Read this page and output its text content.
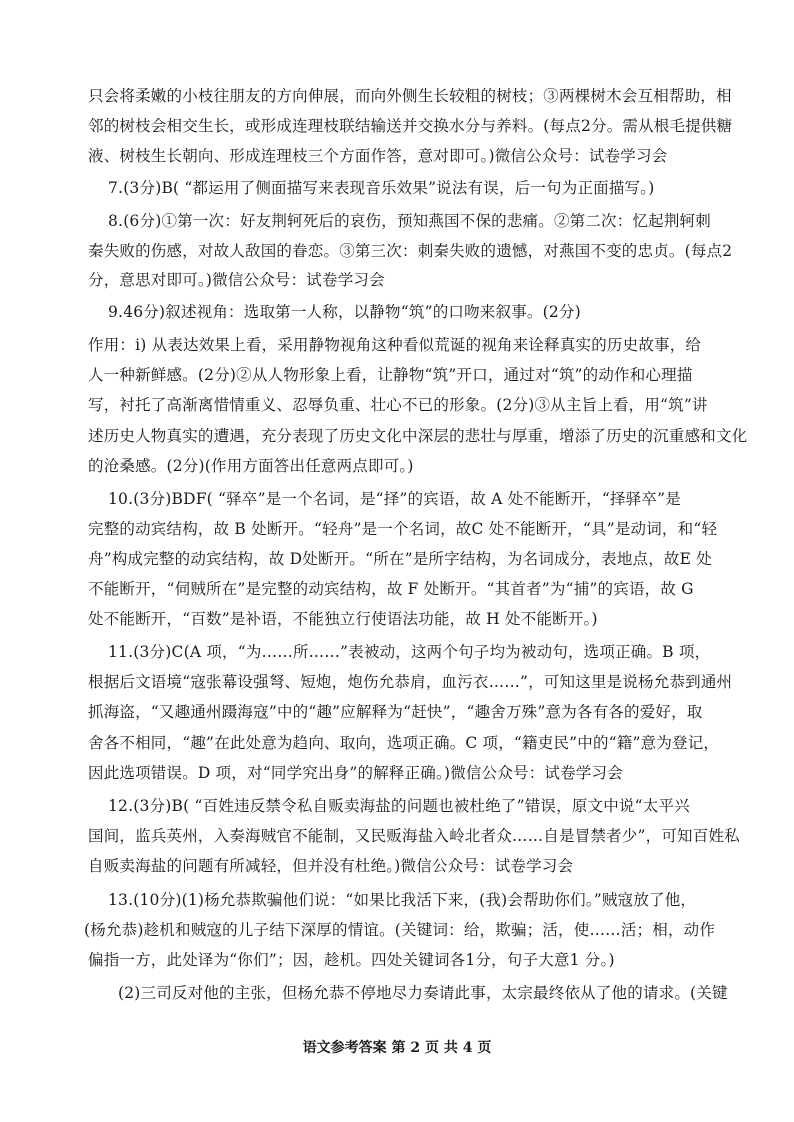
只会将柔嫩的小枝往朋友的方向伸展，而向外侧生长较粗的树枝；③两棵树木会互相帮助，相
邻的树枝会相交生长，或形成连理枝联结输送并交换水分与养料。(每点2分。需从根毛提供糖
液、树枝生长朝向、形成连理枝三个方面作答，意对即可。)微信公众号：试卷学习会
7.(3分)B( “都运用了侧面描写来表现音乐效果”说法有误，后一句为正面描写。)
8.(6分)①第一次：好友荆轲死后的哀伤，预知燕国不保的悲痛。②第二次：忆起荆轲刺
秦失败的伤感，对故人敌国的眷恋。③第三次：刺秦失败的遗憾，对燕国不变的忠贞。(每点2
分，意思对即可。)微信公众号：试卷学习会
9.46分)叙述视角：选取第一人称，以静物“筑”的口吻来叙事。(2分)
作用：i) 从表达效果上看，采用静物视角这种看似荒诞的视角来诠释真实的历史故事，给
人一种新鲜感。(2分)②从人物形象上看，让静物“筑”开口，通过对“筑”的动作和心理描
写，衬托了高渐离惜情重义、忍辱负重、壮心不已的形象。(2分)③从主旨上看，用“筑”讲
述历史人物真实的遭遇，充分表现了历史文化中深层的悲壮与厚重，增添了历史的沉重感和文化
的沧桑感。(2分)(作用方面答出任意两点即可。)
10.(3分)BDF( “驿卒”是一个名词，是“择”的宾语，故 A 处不能断开，“择驿卒”是
完整的动宾结构，故 B 处断开。“轻舟”是一个名词，故C 处不能断开，“具”是动词，和“轻
舟”构成完整的动宾结构，故 D处断开。“所在”是所字结构，为名词成分，表地点，故E 处
不能断开，“伺贼所在”是完整的动宾结构，故 F 处断开。“其首者”为“捕”的宾语，故 G
处不能断开，“百数”是补语，不能独立行使语法功能，故 H 处不能断开。)
11.(3分)C(A 项，“为……所……”表被动，这两个句子均为被动句，选项正确。B 项，
根据后文语境“寇张幕设强弩、短炮，炮伤允恭肩，血污衣……”，可知这里是说杨允恭到通州
抓海盗，“又趣通州蹑海寇”中的“趣”应解释为“赶快”，“趣舍万殊”意为各有各的爱好，取
舍各不相同，“趣”在此处意为趋向、取向，选项正确。C 项，“籍吏民”中的“籍”意为登记，
因此选项错误。D 项，对“同学究出身”的解释正确。)微信公众号：试卷学习会
12.(3分)B( “百姓违反禁令私自贩卖海盐的问题也被杜绝了”错误，原文中说“太平兴
国间，监兵英州，入奏海贼官不能制，又民贩海盐入岭北者众……自是冒禁者少”，可知百姓私
自贩卖海盐的问题有所减轻，但并没有杜绝。)微信公众号：试卷学习会
13.(10分)(1)杨允恭欺骗他们说：“如果比我活下来，(我)会帮助你们。”贼寇放了他，
(杨允恭)趁机和贼寇的儿子结下深厚的情谊。(关键词：给，欺骗；活，使……活；相，动作
偏指一方，此处译为“你们”；因，趁机。四处关键词各1分，句子大意1 分。)
(2)三司反对他的主张，但杨允恭不停地尽力奏请此事，太宗最终依从了他的请求。(关键
语文参考答案 第 2 页 共 4 页
